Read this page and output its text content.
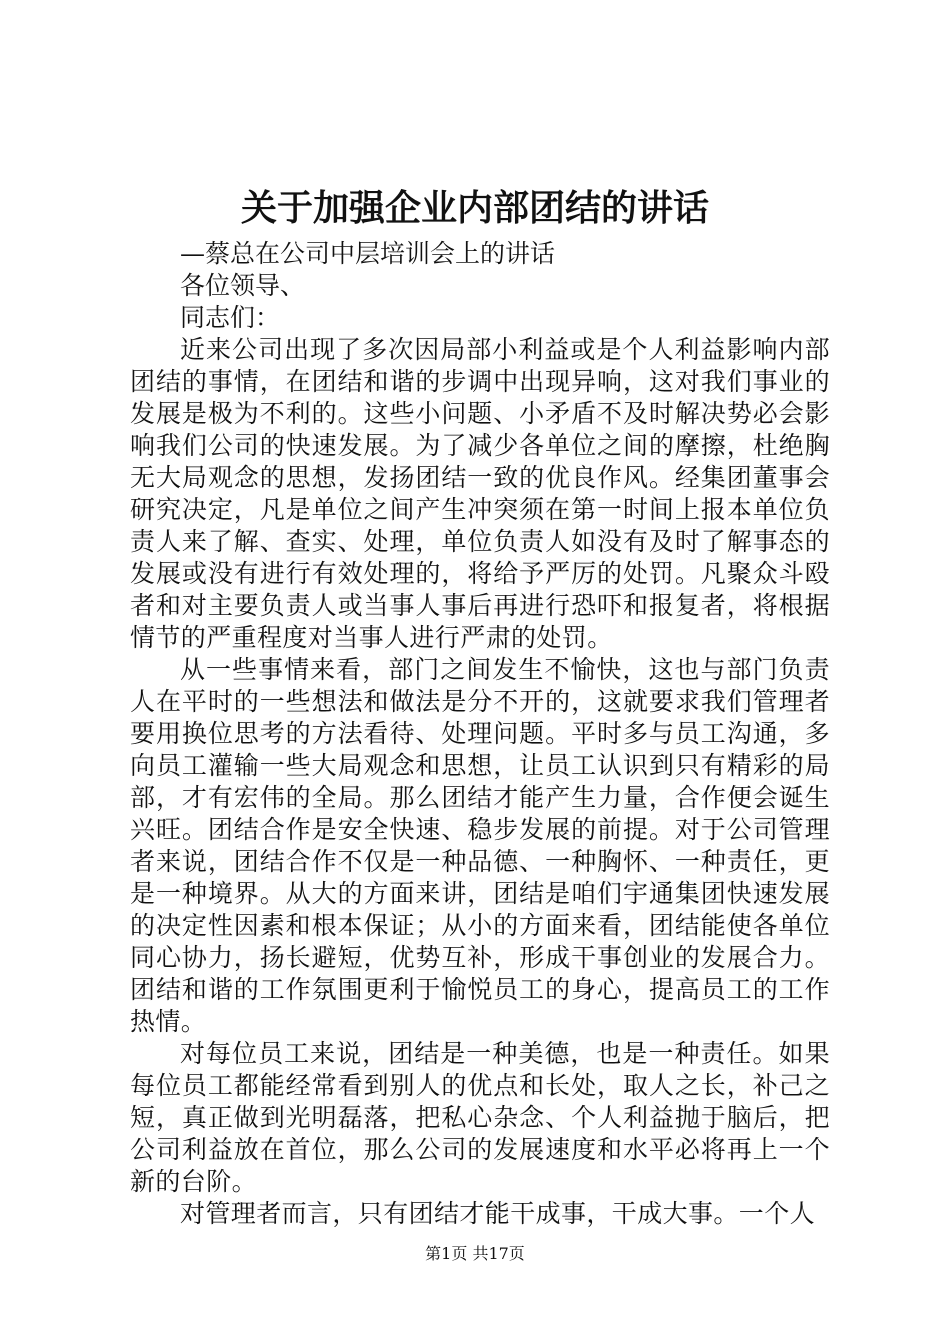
关于加强企业内部团结的讲话

—蔡总在公司中层培训会上的讲话

各位领导、

同志们：

近来公司出现了多次因局部小利益或是个人利益影响内部团结的事情，在团结和谐的步调中出现异响，这对我们事业的发展是极为不利的。这些小问题、小矛盾不及时解决势必会影响我们公司的快速发展。为了减少各单位之间的摩擦，杜绝胸无大局观念的思想，发扬团结一致的优良作风。经集团董事会研究决定，凡是单位之间产生冲突须在第一时间上报本单位负责人来了解、查实、处理，单位负责人如没有及时了解事态的发展或没有进行有效处理的，将给予严厉的处罚。凡聚众斗殴者和对主要负责人或当事人事后再进行恐吓和报复者，将根据情节的严重程度对当事人进行严肃的处罚。

从一些事情来看，部门之间发生不愉快，这也与部门负责人在平时的一些想法和做法是分不开的，这就要求我们管理者要用换位思考的方法看待、处理问题。平时多与员工沟通，多向员工灌输一些大局观念和思想，让员工认识到只有精彩的局部，才有宏伟的全局。那么团结才能产生力量，合作便会诞生兴旺。团结合作是安全快速、稳步发展的前提。对于公司管理者来说，团结合作不仅是一种品德、一种胸怀、一种责任，更是一种境界。从大的方面来讲，团结是咱们宇通集团快速发展的决定性因素和根本保证；从小的方面来看，团结能使各单位同心协力，扬长避短，优势互补，形成干事创业的发展合力。团结和谐的工作氛围更利于愉悦员工的身心，提高员工的工作热情。

对每位员工来说，团结是一种美德，也是一种责任。如果每位员工都能经常看到别人的优点和长处，取人之长，补己之短，真正做到光明磊落，把私心杂念、个人利益抛于脑后，把公司利益放在首位，那么公司的发展速度和水平必将再上一个新的台阶。

对管理者而言，只有团结才能干成事，干成大事。一个人

第1页 共17页
